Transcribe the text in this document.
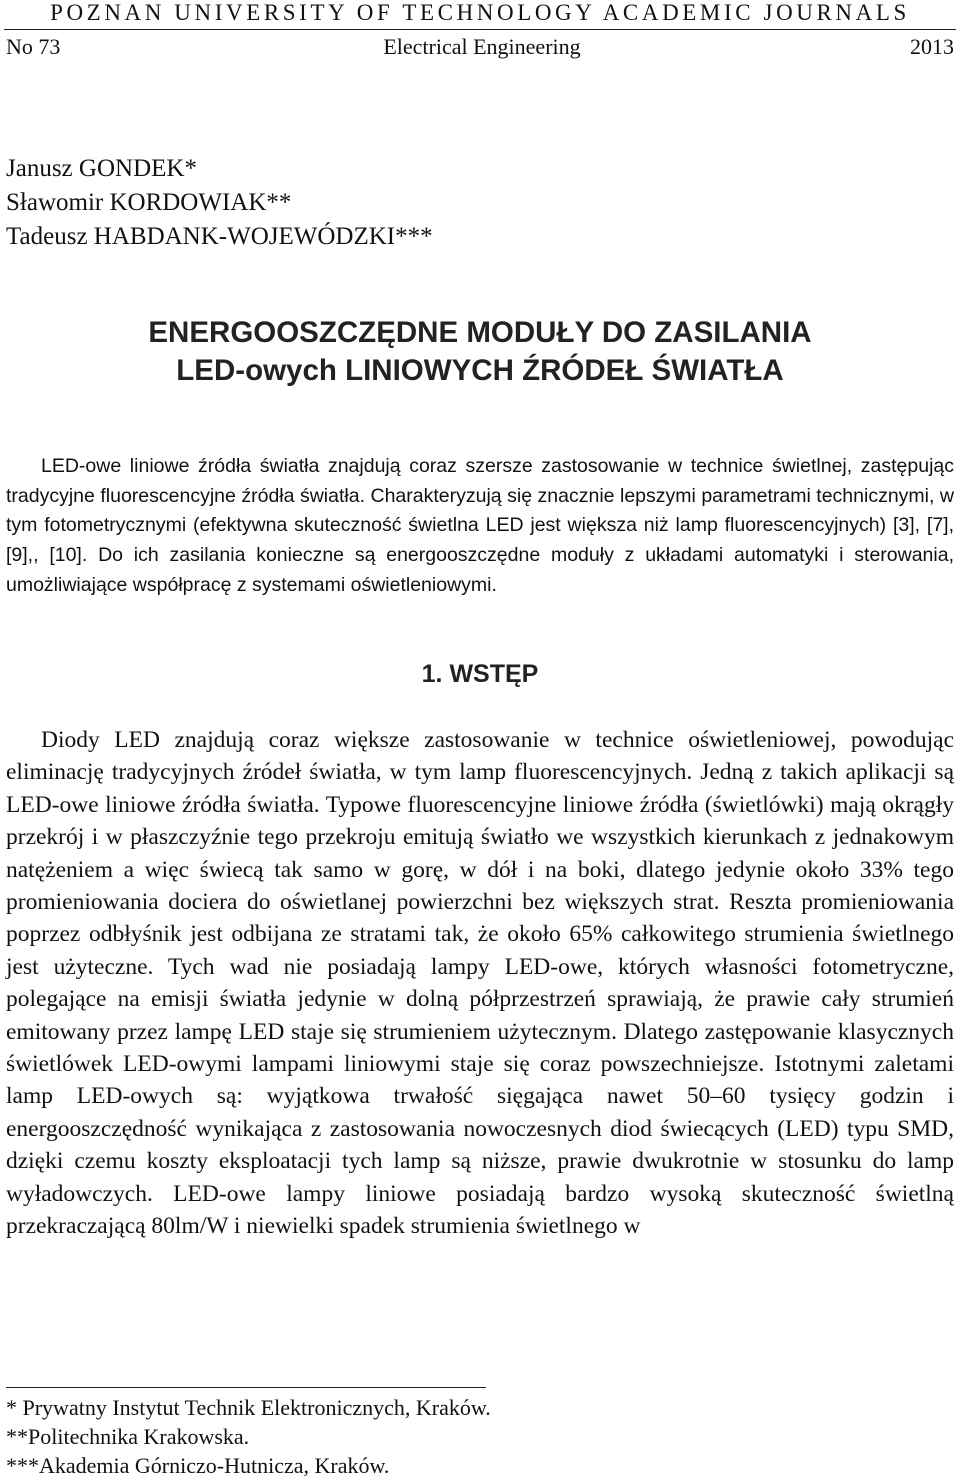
POZNAN UNIVERSITY OF TECHNOLOGY ACADEMIC JOURNALS
No 73	Electrical Engineering	2013
Janusz GONDEK*
Sławomir KORDOWIAK**
Tadeusz HABDANK-WOJEWÓDZKI***
ENERGOOSZCZĘDNE MODUŁY DO ZASILANIA
LED-owych LINIOWYCH ŹRÓDEŁ ŚWIATŁA
LED-owe liniowe źródła światła znajdują coraz szersze zastosowanie w technice świetlnej, zastępując tradycyjne fluorescencyjne źródła światła. Charakteryzują się znacznie lepszymi parametrami technicznymi, w tym fotometrycznymi (efektywna skuteczność świetlna LED jest większa niż lamp fluorescencyjnych) [3], [7], [9],, [10]. Do ich zasilania konieczne są energooszczędne moduły z układami automatyki i sterowania, umożliwiające współpracę z systemami oświetleniowymi.
1. WSTĘP
Diody LED znajdują coraz większe zastosowanie w technice oświetleniowej, powodując eliminację tradycyjnych źródeł światła, w tym lamp fluorescencyjnych. Jedną z takich aplikacji są LED-owe liniowe źródła światła. Typowe fluorescencyjne liniowe źródła (świetlówki) mają okrągły przekrój i w płaszczyźnie tego przekroju emitują światło we wszystkich kierunkach z jednakowym natężeniem a więc świecą tak samo w gorę, w dół i na boki, dlatego jedynie około 33% tego promieniowania dociera do oświetlanej powierzchni bez większych strat. Reszta promieniowania poprzez odbłyśnik jest odbijana ze stratami tak, że około 65% całkowitego strumienia świetlnego jest użyteczne. Tych wad nie posiadają lampy LED-owe, których własności fotometryczne, polegające na emisji światła jedynie w dolną półprzestrzeń sprawiają, że prawie cały strumień emitowany przez lampę LED staje się strumieniem użytecznym. Dlatego zastępowanie klasycznych świetlówek LED-owymi lampami liniowymi staje się coraz powszechniejsze. Istotnymi zaletami lamp LED-owych są: wyjątkowa trwałość sięgająca nawet 50–60 tysięcy godzin i energooszczędność wynikająca z zastosowania nowoczesnych diod świecących (LED) typu SMD, dzięki czemu koszty eksploatacji tych lamp są niższe, prawie dwukrotnie w stosunku do lamp wyładowczych. LED-owe lampy liniowe posiadają bardzo wysoką skuteczność świetlną przekraczającą 80lm/W i niewielki spadek strumienia świetlnego w
* Prywatny Instytut Technik Elektronicznych, Kraków.
**Politechnika Krakowska.
***Akademia Górniczo-Hutnicza, Kraków.
